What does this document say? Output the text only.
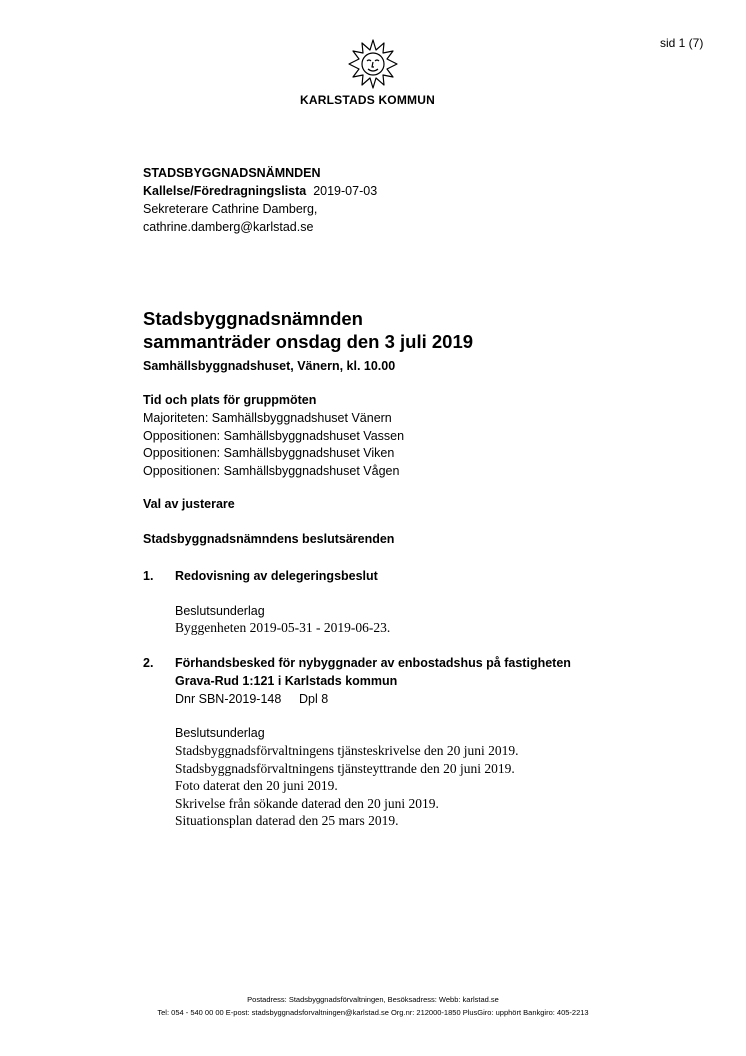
sid 1 (7)
KARLSTADS KOMMUN
STADSBYGGNADSNÄMNDEN
Kallelse/Föredragningslista 2019-07-03
Sekreterare Cathrine Damberg,
cathrine.damberg@karlstad.se
Stadsbyggnadsnämnden
sammanträder onsdag den 3 juli 2019
Samhällsbyggnadshuset, Vänern, kl. 10.00
Tid och plats för gruppmöten
Majoriteten: Samhällsbyggnadshuset Vänern
Oppositionen: Samhällsbyggnadshuset Vassen
Oppositionen: Samhällsbyggnadshuset Viken
Oppositionen: Samhällsbyggnadshuset Vågen
Val av justerare
Stadsbyggnadsnämndens beslutsärenden
1. Redovisning av delegeringsbeslut
Beslutsunderlag
Byggenheten 2019-05-31 - 2019-06-23.
2. Förhandsbesked för nybyggnader av enbostadshus på fastigheten
Grava-Rud 1:121 i Karlstads kommun
Dnr SBN-2019-148 Dpl 8
Beslutsunderlag
Stadsbyggnadsförvaltningens tjänsteskrivelse den 20 juni 2019.
Stadsbyggnadsförvaltningens tjänsteyttrande den 20 juni 2019.
Foto daterat den 20 juni 2019.
Skrivelse från sökande daterad den 20 juni 2019.
Situationsplan daterad den 25 mars 2019.
Postadress: Stadsbyggnadsförvaltningen, Besöksadress: Webb: karlstad.se
Tel: 054 - 540 00 00 E-post: stadsbyggnadsforvaltningen@karlstad.se Org.nr: 212000-1850 PlusGiro: upphört Bankgiro: 405-2213
